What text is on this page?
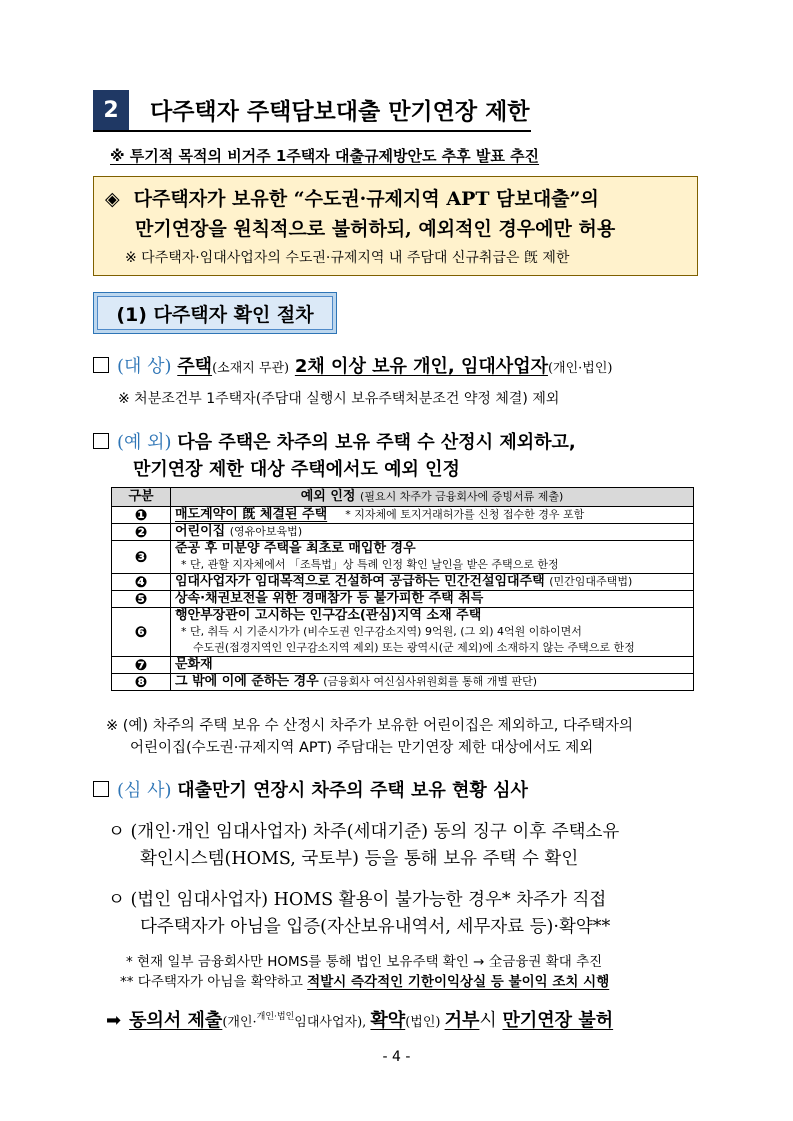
2	다주택자 주택담보대출 만기연장 제한
※ 투기적 목적의 비거주 1주택자 대출규제방안도 추후 발표 추진
◈ 다주택자가 보유한 “수도권·규제지역 APT 담보대출”의
만기연장을 원칙적으로 불허하되, 예외적인 경우에만 허용
※ 다주택자·임대사업자의 수도권·규제지역 내 주담대 신규취급은 旣 제한
(1) 다주택자 확인 절차
(대 상) 주택(소재지 무관) 2채 이상 보유 개인, 임대사업자(개인·법인)
※ 처분조건부 1주택자(주담대 실행시 보유주택처분조건 약정 체결) 제외
(예 외) 다음 주택은 차주의 보유 주택 수 산정시 제외하고,
만기연장 제한 대상 주택에서도 예외 인정
구분	예외 인정 (필요시 차주가 금융회사에 증빙서류 제출)
❶	매도계약이 旣 체결된 주택 * 지자체에 토지거래허가를 신청 접수한 경우 포함
❷	어린이집 (영유아보육법)
❸	준공 후 미분양 주택을 최초로 매입한 경우
* 단, 관할 지자체에서 「조특법」상 특례 인정 확인 날인을 받은 주택으로 한정

❹	임대사업자가 임대목적으로 건설하여 공급하는 민간건설임대주택 (민간임대주택법)
❺	상속·채권보전을 위한 경매참가 등 불가피한 주택 취득
❻	행안부장관이 고시하는 인구감소(관심)지역 소재 주택
* 단, 취득 시 기준시가가 (비수도권 인구감소지역) 9억원, (그 외) 4억원 이하이면서
수도권(접경지역인 인구감소지역 제외) 또는 광역시(군 제외)에 소재하지 않는 주택으로 한정

❼	문화재
❽	그 밖에 이에 준하는 경우 (금융회사 여신심사위원회를 통해 개별 판단)
※ (예) 차주의 주택 보유 수 산정시 차주가 보유한 어린이집은 제외하고, 다주택자의
어린이집(수도권·규제지역 APT) 주담대는 만기연장 제한 대상에서도 제외
(심 사) 대출만기 연장시 차주의 주택 보유 현황 심사
ㅇ (개인·개인 임대사업자) 차주(세대기준) 동의 징구 이후 주택소유
확인시스템(HOMS, 국토부) 등을 통해 보유 주택 수 확인
ㅇ (법인 임대사업자) HOMS 활용이 불가능한 경우* 차주가 직접
다주택자가 아님을 입증(자산보유내역서, 세무자료 등)·확약**
* 현재 일부 금융회사만 HOMS를 통해 법인 보유주택 확인 → 全금융권 확대 추진
** 다주택자가 아님을 확약하고 적발시 즉각적인 기한이익상실 등 불이익 조치 시행
➡ 동의서 제출(개인·$^{개인\cdot 법인}$임대사업자), 확약(법인) 거부시 만기연장 불허
- 4 -
